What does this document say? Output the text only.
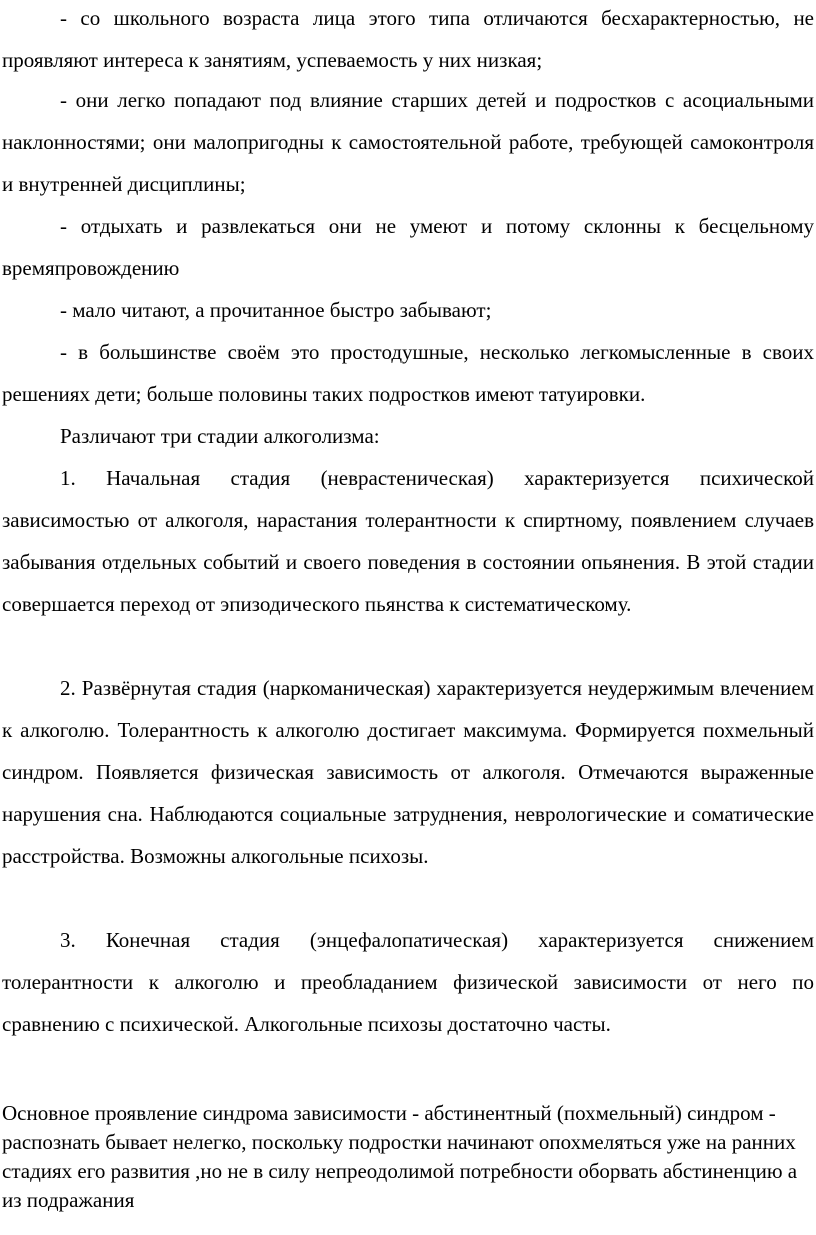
- со школьного возраста лица этого типа отличаются бесхарактерностью, не проявляют интереса к занятиям, успеваемость у них низкая;

- они легко попадают под влияние старших детей и подростков с асоциальными наклонностями; они малопригодны к самостоятельной работе, требующей самоконтроля и внутренней дисциплины;

- отдыхать и развлекаться они не умеют и потому склонны к бесцельному времяпровождению

- мало читают, а прочитанное быстро забывают;

- в большинстве своём это простодушные, несколько легкомысленные в своих решениях дети; больше половины таких подростков имеют татуировки.

Различают три стадии алкоголизма:

1. Начальная стадия (неврастеническая) характеризуется психической зависимостью от алкоголя, нарастания толерантности к спиртному, появлением случаев забывания отдельных событий и своего поведения в состоянии опьянения. В этой стадии совершается переход от эпизодического пьянства к систематическому.

2. Развёрнутая стадия (наркоманическая) характеризуется неудержимым влечением к алкоголю. Толерантность к алкоголю достигает максимума. Формируется похмельный синдром. Появляется физическая зависимость от алкоголя. Отмечаются выраженные нарушения сна. Наблюдаются социальные затруднения, неврологические и соматические расстройства. Возможны алкогольные психозы.

3. Конечная стадия (энцефалопатическая) характеризуется снижением толерантности к алкоголю и преобладанием физической зависимости от него по сравнению с психической. Алкогольные психозы достаточно часты.

Основное проявление синдрома зависимости - абстинентный (похмельный) синдром - распознать бывает нелегко, поскольку подростки начинают опохмеляться уже на ранних стадиях его развития ,но не в силу непреодолимой потребности оборвать абстиненцию а из подражания
